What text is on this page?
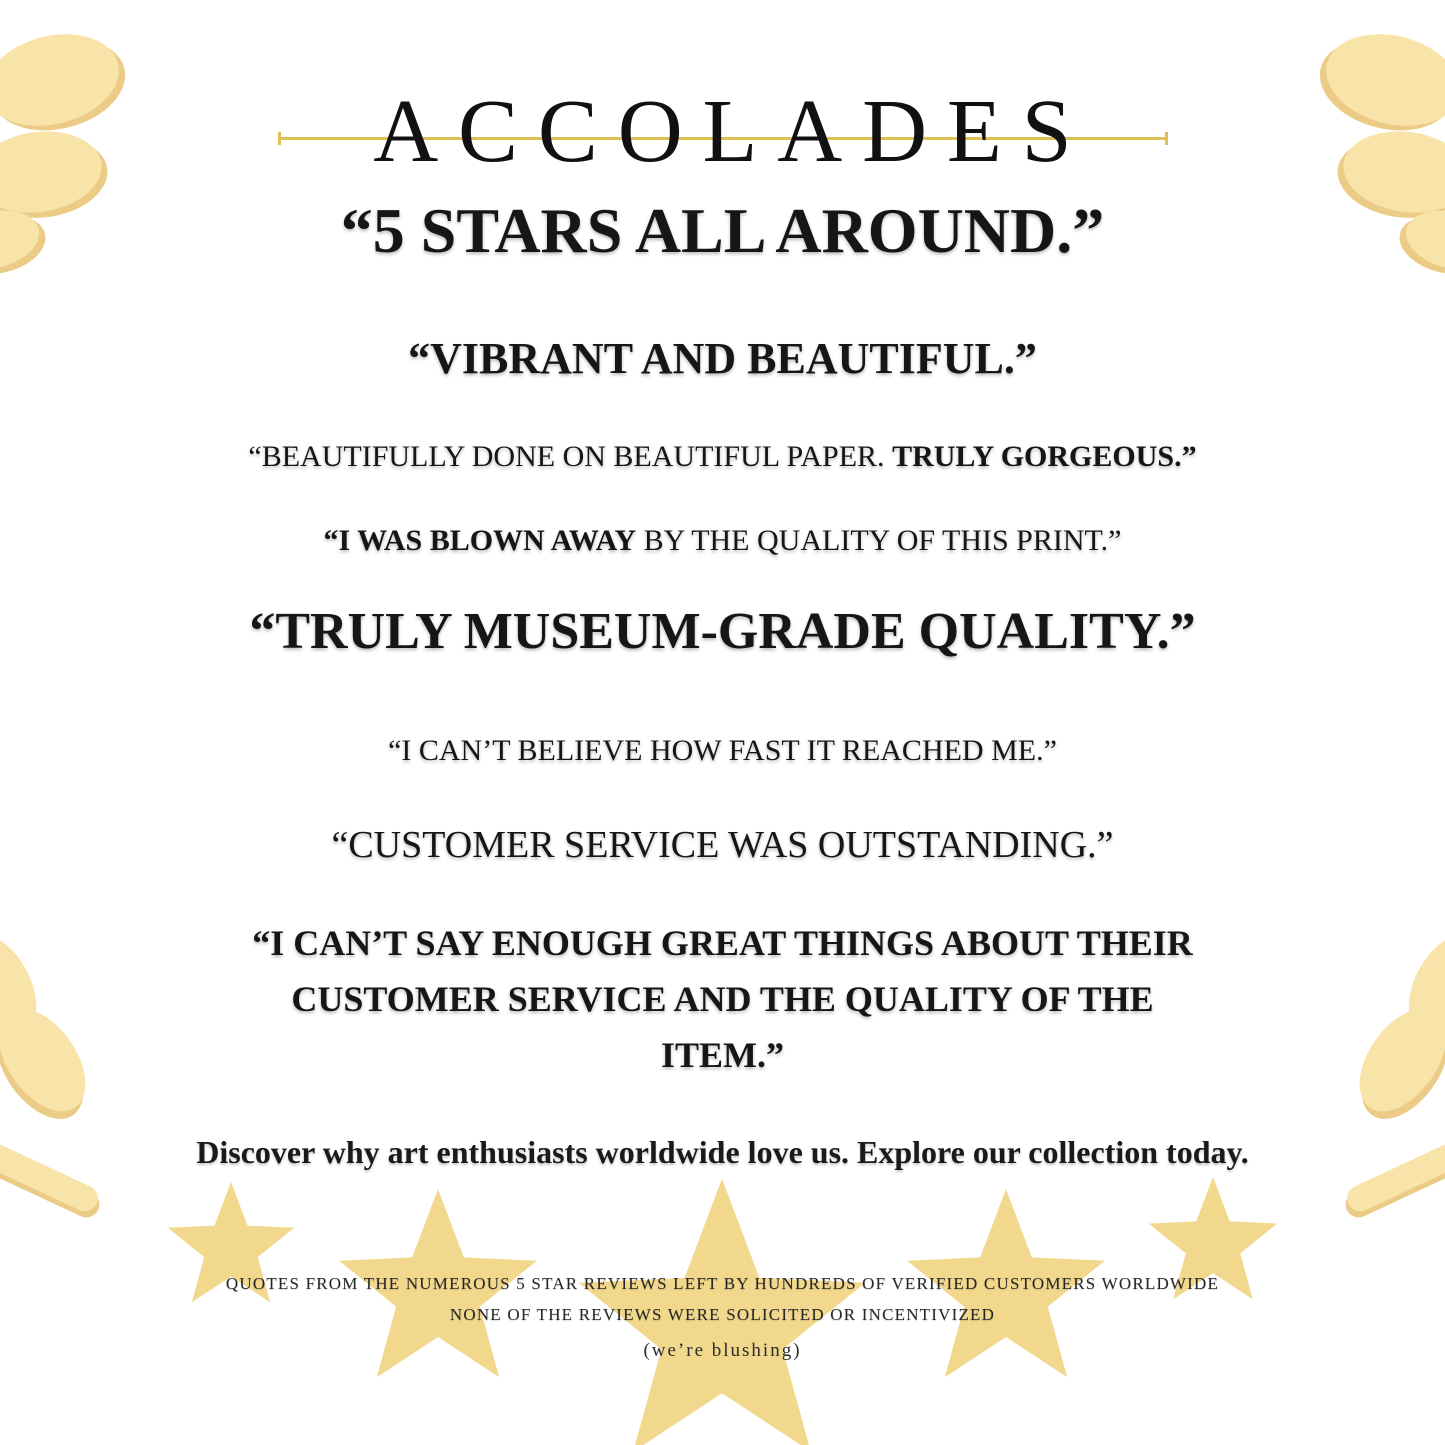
ACCOLADES
“5 STARS ALL AROUND.”
“VIBRANT AND BEAUTIFUL.”
“BEAUTIFULLY DONE ON BEAUTIFUL PAPER. TRULY GORGEOUS.”
“I WAS BLOWN AWAY BY THE QUALITY OF THIS PRINT.”
“TRULY MUSEUM-GRADE QUALITY.”
“I CAN’T BELIEVE HOW FAST IT REACHED ME.”
“CUSTOMER SERVICE WAS OUTSTANDING.”
“I CAN’T SAY ENOUGH GREAT THINGS ABOUT THEIR
CUSTOMER SERVICE AND THE QUALITY OF THE
ITEM.”
Discover why art enthusiasts worldwide love us. Explore our collection today.
QUOTES FROM THE NUMEROUS 5 STAR REVIEWS LEFT BY HUNDREDS OF VERIFIED CUSTOMERS WORLDWIDE
NONE OF THE REVIEWS WERE SOLICITED OR INCENTIVIZED
(we’re blushing)
